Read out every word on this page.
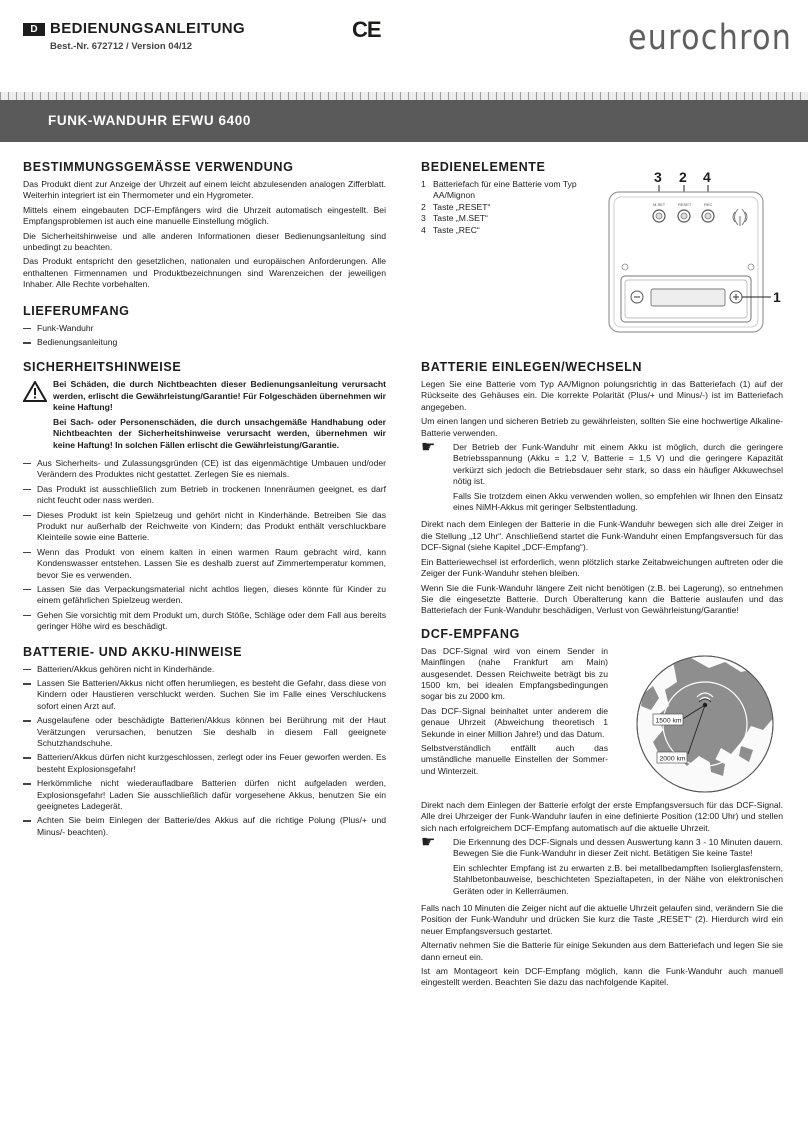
D BEDIENUNGSANLEITUNG
Best.-Nr. 672712 / Version 04/12
CE	eurochron
FUNK-WANDUHR EFWU 6400
BESTIMMUNGSGEMÄSSE VERWENDUNG

Das Produkt dient zur Anzeige der Uhrzeit auf einem leicht abzulesenden analogen Zifferblatt. Weiterhin integriert ist ein Thermometer und ein Hygrometer.

Mittels einem eingebauten DCF-Empfängers wird die Uhrzeit automatisch eingestellt. Bei Empfangsproblemen ist auch eine manuelle Einstellung möglich.

Die Sicherheitshinweise und alle anderen Informationen dieser Bedienungsanleitung sind unbedingt zu beachten.

Das Produkt entspricht den gesetzlichen, nationalen und europäischen Anforderungen. Alle enthaltenen Firmennamen und Produktbezeichnungen sind Warenzeichen der jeweiligen Inhaber. Alle Rechte vorbehalten.

LIEFERUMFANG
Funk-Wanduhr
Bedienungsanleitung
SICHERHEITSHINWEISE

Bei Schäden, die durch Nichtbeachten dieser Bedienungsanleitung verursacht werden, erlischt die Gewährleistung/Garantie! Für Folgeschäden übernehmen wir keine Haftung!

Bei Sach- oder Personenschäden, die durch unsachgemäße Handhabung oder Nichtbeachten der Sicherheitshinweise verursacht werden, übernehmen wir keine Haftung! In solchen Fällen erlischt die Gewährleistung/Garantie.

Aus Sicherheits- und Zulassungsgründen (CE) ist das eigenmächtige Umbauen und/oder Verändern des Produktes nicht gestattet. Zerlegen Sie es niemals.
Das Produkt ist ausschließlich zum Betrieb in trockenen Innenräumen geeignet, es darf nicht feucht oder nass werden.
Dieses Produkt ist kein Spielzeug und gehört nicht in Kinderhände. Betreiben Sie das Produkt nur außerhalb der Reichweite von Kindern; das Produkt enthält verschluckbare Kleinteile sowie eine Batterie.
Wenn das Produkt von einem kalten in einen warmen Raum gebracht wird, kann Kondenswasser entstehen. Lassen Sie es deshalb zuerst auf Zimmertemperatur kommen, bevor Sie es verwenden.
Lassen Sie das Verpackungsmaterial nicht achtlos liegen, dieses könnte für Kinder zu einem gefährlichen Spielzeug werden.
Gehen Sie vorsichtig mit dem Produkt um, durch Stöße, Schläge oder dem Fall aus bereits geringer Höhe wird es beschädigt.
BATTERIE- UND AKKU-HINWEISE
Batterien/Akkus gehören nicht in Kinderhände.
Lassen Sie Batterien/Akkus nicht offen herumliegen, es besteht die Gefahr, dass diese von Kindern oder Haustieren verschluckt werden. Suchen Sie im Falle eines Verschluckens sofort einen Arzt auf.
Ausgelaufene oder beschädigte Batterien/Akkus können bei Berührung mit der Haut Verätzungen verursachen, benutzen Sie deshalb in diesem Fall geeignete Schutzhandschuhe.
Batterien/Akkus dürfen nicht kurzgeschlossen, zerlegt oder ins Feuer geworfen werden. Es besteht Explosionsgefahr!
Herkömmliche nicht wiederaufladbare Batterien dürfen nicht aufgeladen werden, Explosionsgefahr! Laden Sie ausschließlich dafür vorgesehene Akkus, benutzen Sie ein geeignetes Ladegerät.
Achten Sie beim Einlegen der Batterie/des Akkus auf die richtige Polung (Plus/+ und Minus/- beachten).
BEDIENELEMENTE
1 Batteriefach für eine Batterie vom Typ AA/Mignon
2 Taste „RESET“
3 Taste „M.SET“
4 Taste „REC“
3 2 4
M.SET	RESET	REC
1
BATTERIE EINLEGEN/WECHSELN

Legen Sie eine Batterie vom Typ AA/Mignon polungsrichtig in das Batteriefach (1) auf der Rückseite des Gehäuses ein. Die korrekte Polarität (Plus/+ und Minus/-) ist im Batteriefach angegeben.

Um einen langen und sicheren Betrieb zu gewährleisten, sollten Sie eine hochwertige Alkaline-Batterie verwenden.

☛	Der Betrieb der Funk-Wanduhr mit einem Akku ist möglich, durch die geringere Betriebsspannung (Akku = 1,2 V, Batterie = 1,5 V) und die geringere Kapazität verkürzt sich jedoch die Betriebsdauer sehr stark, so dass ein häufiger Akkuwechsel nötig ist.

Falls Sie trotzdem einen Akku verwenden wollen, so empfehlen wir Ihnen den Einsatz eines NiMH-Akkus mit geringer Selbstentladung.

Direkt nach dem Einlegen der Batterie in die Funk-Wanduhr bewegen sich alle drei Zeiger in die Stellung „12 Uhr“. Anschließend startet die Funk-Wanduhr einen Empfangsversuch für das DCF-Signal (siehe Kapitel „DCF-Empfang“).

Ein Batteriewechsel ist erforderlich, wenn plötzlich starke Zeitabweichungen auftreten oder die Zeiger der Funk-Wanduhr stehen bleiben.

Wenn Sie die Funk-Wanduhr längere Zeit nicht benötigen (z.B. bei Lagerung), so entnehmen Sie die eingesetzte Batterie. Durch Überalterung kann die Batterie auslaufen und das Batteriefach der Funk-Wanduhr beschädigen, Verlust von Gewährleistung/Garantie!

DCF-EMPFANG

Das DCF-Signal wird von einem Sender in Mainflingen (nahe Frankfurt am Main) ausgesendet. Dessen Reichweite beträgt bis zu 1500 km, bei idealen Empfangsbedingungen sogar bis zu 2000 km.

Das DCF-Signal beinhaltet unter anderem die genaue Uhrzeit (Abweichung theoretisch 1 Sekunde in einer Million Jahre!) und das Datum.

Selbstverständlich entfällt auch das umständliche manuelle Einstellen der Sommer- und Winterzeit.

1500 km
2000 km

Direkt nach dem Einlegen der Batterie erfolgt der erste Empfangsversuch für das DCF-Signal. Alle drei Uhrzeiger der Funk-Wanduhr laufen in eine definierte Position (12:00 Uhr) und stellen sich nach erfolgreichem DCF-Empfang automatisch auf die aktuelle Uhrzeit.

☛	Die Erkennung des DCF-Signals und dessen Auswertung kann 3 - 10 Minuten dauern. Bewegen Sie die Funk-Wanduhr in dieser Zeit nicht. Betätigen Sie keine Taste!

Ein schlechter Empfang ist zu erwarten z.B. bei metallbedampften Isolierglasfenstern, Stahlbetonbauweise, beschichteten Spezialtapeten, in der Nähe von elektronischen Geräten oder in Kellerräumen.

Falls nach 10 Minuten die Zeiger nicht auf die aktuelle Uhrzeit gelaufen sind, verändern Sie die Position der Funk-Wanduhr und drücken Sie kurz die Taste „RESET“ (2). Hierdurch wird ein neuer Empfangsversuch gestartet.

Alternativ nehmen Sie die Batterie für einige Sekunden aus dem Batteriefach und legen Sie sie dann erneut ein.

Ist am Montageort kein DCF-Empfang möglich, kann die Funk-Wanduhr auch manuell eingestellt werden. Beachten Sie dazu das nachfolgende Kapitel.
